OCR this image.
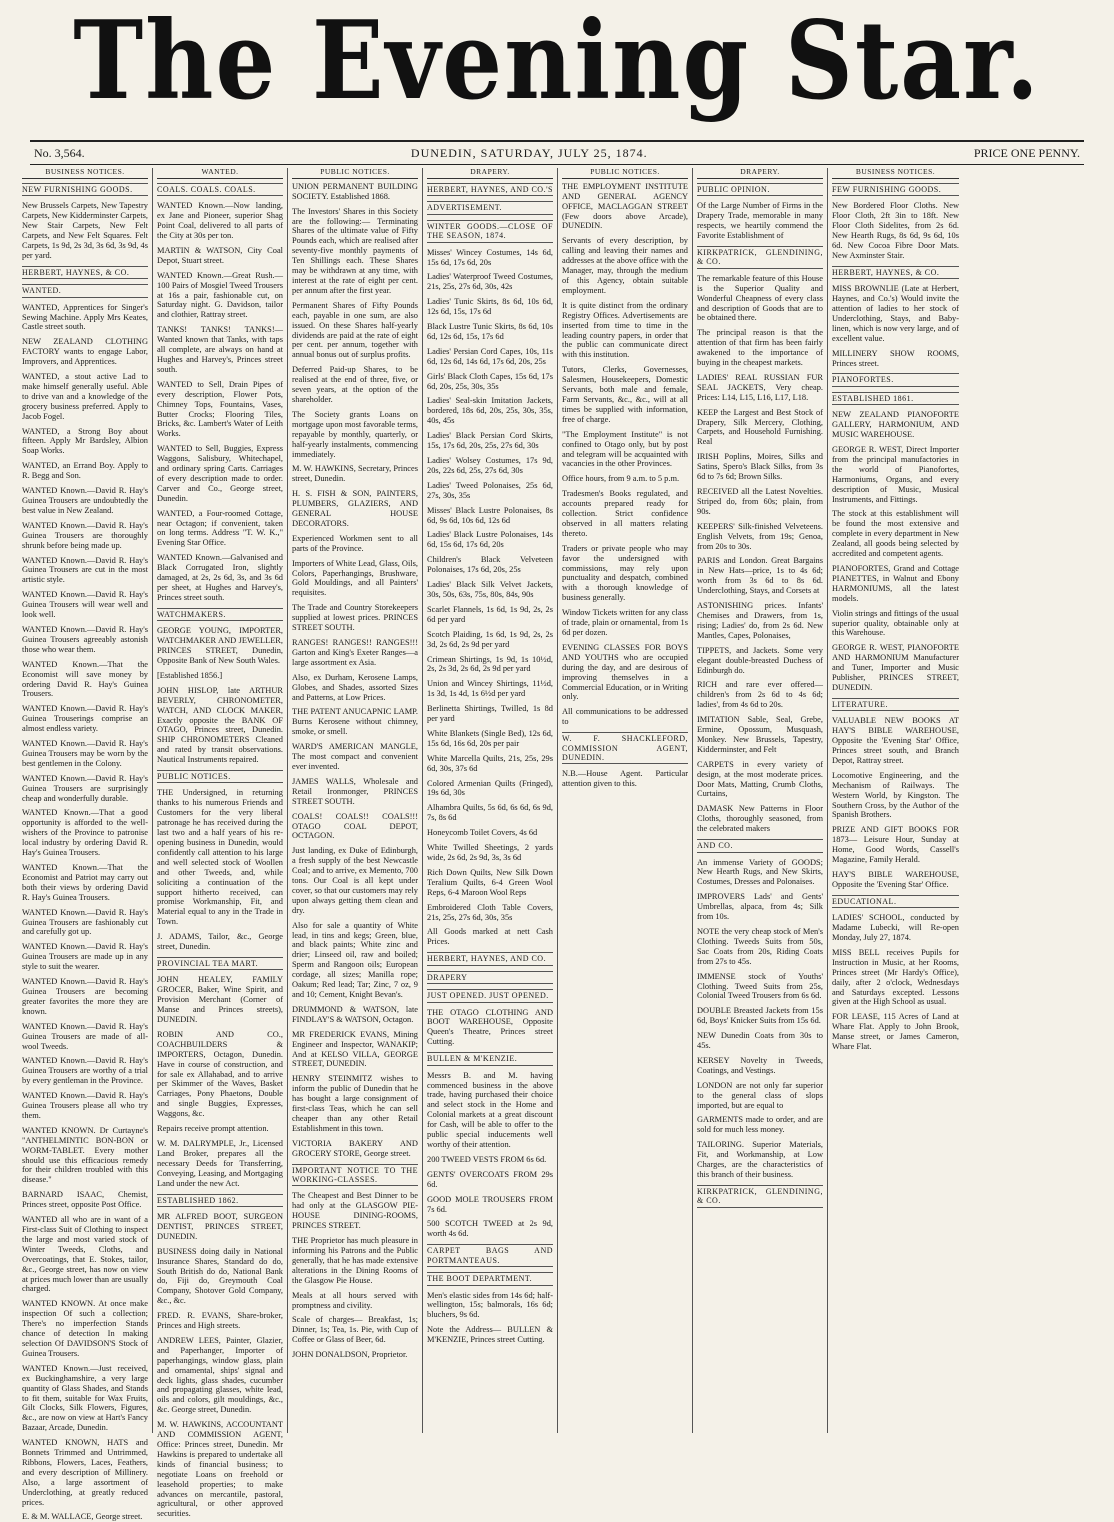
The Evening Star.
No. 3,564.	DUNEDIN, SATURDAY, JULY 25, 1874.	PRICE ONE PENNY.
BUSINESS NOTICES.
NEW FURNISHING GOODS.
New Brussels Carpets, New Tapestry Carpets, New Kidderminster Carpets, New Stair Carpets, New Felt Carpets, and New Felt Squares. Felt Carpets, 1s 9d, 2s 3d, 3s 6d, 3s 9d, 4s per yard.
HERBERT, HAYNES, & CO.
WANTED.
WANTED, Apprentices for Singer's Sewing Machine. Apply Mrs Keates, Castle street south.
NEW ZEALAND CLOTHING FACTORY wants to engage Labor, Improvers, and Apprentices.
WANTED, a stout active Lad to make himself generally useful. Able to drive van and a knowledge of the grocery business preferred. Apply to Jacob Fogel.
WANTED, a Strong Boy about fifteen. Apply Mr Bardsley, Albion Soap Works.
WANTED, an Errand Boy. Apply to R. Begg and Son.
WANTED Known.—David R. Hay's Guinea Trousers are undoubtedly the best value in New Zealand.
WANTED Known.—David R. Hay's Guinea Trousers are thoroughly shrunk before being made up.
WANTED Known.—David R. Hay's Guinea Trousers are cut in the most artistic style.
WANTED Known.—David R. Hay's Guinea Trousers will wear well and look well.
WANTED Known.—David R. Hay's Guinea Trousers agreeably astonish those who wear them.
WANTED Known.—That the Economist will save money by ordering David R. Hay's Guinea Trousers.
WANTED Known.—David R. Hay's Guinea Trouserings comprise an almost endless variety.
WANTED Known.—David R. Hay's Guinea Trousers may be worn by the best gentlemen in the Colony.
WANTED Known.—David R. Hay's Guinea Trousers are surprisingly cheap and wonderfully durable.
WANTED Known.—That a good opportunity is afforded to the well-wishers of the Province to patronise local industry by ordering David R. Hay's Guinea Trousers.
WANTED Known.—That the Economist and Patriot may carry out both their views by ordering David R. Hay's Guinea Trousers.
WANTED Known.—David R. Hay's Guinea Trousers are fashionably cut and carefully got up.
WANTED Known.—David R. Hay's Guinea Trousers are made up in any style to suit the wearer.
WANTED Known.—David R. Hay's Guinea Trousers are becoming greater favorites the more they are known.
WANTED Known.—David R. Hay's Guinea Trousers are made of all-wool Tweeds.
WANTED Known.—David R. Hay's Guinea Trousers are worthy of a trial by every gentleman in the Province.
WANTED Known.—David R. Hay's Guinea Trousers please all who try them.
WANTED KNOWN. Dr Curtayne's "ANTHELMINTIC BON-BON or WORM-TABLET. Every mother should use this efficacious remedy for their children troubled with this disease."
BARNARD ISAAC, Chemist, Princes street, opposite Post Office.
WANTED all who are in want of a First-class Suit of Clothing to inspect the large and most varied stock of Winter Tweeds, Cloths, and Overcoatings, that E. Stokes, tailor, &c., George street, has now on view at prices much lower than are usually charged.
WANTED KNOWN. At once make inspection Of such a collection; There's no imperfection Stands chance of detection In making selection Of DAVIDSON'S Stock of Guinea Trousers.
WANTED Known.—Just received, ex Buckinghamshire, a very large quantity of Glass Shades, and Stands to fit them, suitable for Wax Fruits, Gilt Clocks, Silk Flowers, Figures, &c., are now on view at Hart's Fancy Bazaar, Arcade, Dunedin.
WANTED KNOWN, HATS and Bonnets Trimmed and Untrimmed, Ribbons, Flowers, Laces, Feathers, and every description of Millinery. Also, a large assortment of Underclothing, at greatly reduced prices.
E. & M. WALLACE, George street.
WANTED.
COALS. COALS. COALS.
WANTED Known.—Now landing, ex Jane and Pioneer, superior Shag Point Coal, delivered to all parts of the City at 30s per ton.
MARTIN & WATSON, City Coal Depot, Stuart street.
WANTED Known.—Great Rush.—100 Pairs of Mosgiel Tweed Trousers at 16s a pair, fashionable cut, on Saturday night. G. Davidson, tailor and clothier, Rattray street.
TANKS! TANKS! TANKS!—Wanted known that Tanks, with taps all complete, are always on hand at Hughes and Harvey's, Princes street south.
WANTED to Sell, Drain Pipes of every description, Flower Pots, Chimney Tops, Fountains, Vases, Butter Crocks; Flooring Tiles, Bricks, &c. Lambert's Water of Leith Works.
WANTED to Sell, Buggies, Express Waggons, Salisbury, Whitechapel, and ordinary spring Carts. Carriages of every description made to order. Carver and Co., George street, Dunedin.
WANTED, a Four-roomed Cottage, near Octagon; if convenient, taken on long terms. Address "T. W. K.," Evening Star Office.
WANTED Known.—Galvanised and Black Corrugated Iron, slightly damaged, at 2s, 2s 6d, 3s, and 3s 6d per sheet, at Hughes and Harvey's, Princes street south.
WATCHMAKERS.
GEORGE YOUNG, IMPORTER, WATCHMAKER AND JEWELLER, PRINCES STREET, Dunedin, Opposite Bank of New South Wales.
[Established 1856.]
JOHN HISLOP, late ARTHUR BEVERLY, CHRONOMETER, WATCH, AND CLOCK MAKER, Exactly opposite the BANK OF OTAGO, Princes street, Dunedin. SHIP CHRONOMETERS Cleaned and rated by transit observations. Nautical Instruments repaired.
PUBLIC NOTICES.
THE Undersigned, in returning thanks to his numerous Friends and Customers for the very liberal patronage he has received during the last two and a half years of his re-opening business in Dunedin, would confidently call attention to his large and well selected stock of Woollen and other Tweeds, and, while soliciting a continuation of the support hitherto received, can promise Workmanship, Fit, and Material equal to any in the Trade in Town.
J. ADAMS, Tailor, &c., George street, Dunedin.
PROVINCIAL TEA MART.
JOHN HEALEY, FAMILY GROCER, Baker, Wine Spirit, and Provision Merchant (Corner of Manse and Princes streets), DUNEDIN.
ROBIN AND CO., COACHBUILDERS & IMPORTERS, Octagon, Dunedin. Have in course of construction, and for sale ex Allahabad, and to arrive per Skimmer of the Waves, Basket Carriages, Pony Phaetons, Double and single Buggies, Expresses, Waggons, &c.
Repairs receive prompt attention.
W. M. DALRYMPLE, Jr., Licensed Land Broker, prepares all the necessary Deeds for Transferring, Conveying, Leasing, and Mortgaging Land under the new Act.
ESTABLISHED 1862.
MR ALFRED BOOT, SURGEON DENTIST, PRINCES STREET, DUNEDIN.
BUSINESS doing daily in National Insurance Shares, Standard do do, South British do do, National Bank do, Fiji do, Greymouth Coal Company, Shotover Gold Company, &c., &c.
FRED. R. EVANS, Share-broker, Princes and High streets.
ANDREW LEES, Painter, Glazier, and Paperhanger, Importer of paperhangings, window glass, plain and ornamental, ships' signal and deck lights, glass shades, cucumber and propagating glasses, white lead, oils and colors, gilt mouldings, &c., &c. George street, Dunedin.
M. W. HAWKINS, ACCOUNTANT AND COMMISSION AGENT, Office: Princes street, Dunedin. Mr Hawkins is prepared to undertake all kinds of financial business; to negotiate Loans on freehold or leasehold properties; to make advances on mercantile, pastoral, agricultural, or other approved securities.
PUBLIC NOTICES.
UNION PERMANENT BUILDING SOCIETY. Established 1868.
The Investors' Shares in this Society are the following:— Terminating Shares of the ultimate value of Fifty Pounds each, which are realised after seventy-five monthly payments of Ten Shillings each. These Shares may be withdrawn at any time, with interest at the rate of eight per cent. per annum after the first year.
Permanent Shares of Fifty Pounds each, payable in one sum, are also issued. On these Shares half-yearly dividends are paid at the rate of eight per cent. per annum, together with annual bonus out of surplus profits.
Deferred Paid-up Shares, to be realised at the end of three, five, or seven years, at the option of the shareholder.
The Society grants Loans on mortgage upon most favorable terms, repayable by monthly, quarterly, or half-yearly instalments, commencing immediately.
M. W. HAWKINS, Secretary, Princes street, Dunedin.
H. S. FISH & SON, PAINTERS, PLUMBERS, GLAZIERS, AND GENERAL HOUSE DECORATORS.
Experienced Workmen sent to all parts of the Province.
Importers of White Lead, Glass, Oils, Colors, Paperhangings, Brushware, Gold Mouldings, and all Painters' requisites.
The Trade and Country Storekeepers supplied at lowest prices. PRINCES STREET SOUTH.
RANGES! RANGES!! RANGES!!! Garton and King's Exeter Ranges—a large assortment ex Asia.
Also, ex Durham, Kerosene Lamps, Globes, and Shades, assorted Sizes and Patterns, at Low Prices.
THE PATENT ANUCAPNIC LAMP. Burns Kerosene without chimney, smoke, or smell.
WARD'S AMERICAN MANGLE, The most compact and convenient ever invented.
JAMES WALLS, Wholesale and Retail Ironmonger, PRINCES STREET SOUTH.
COALS! COALS!! COALS!!! OTAGO COAL DEPOT, OCTAGON.
Just landing, ex Duke of Edinburgh, a fresh supply of the best Newcastle Coal; and to arrive, ex Memento, 700 tons. Our Coal is all kept under cover, so that our customers may rely upon always getting them clean and dry.
Also for sale a quantity of White lead, in tins and kegs; Green, blue, and black paints; White zinc and drier; Linseed oil, raw and boiled; Sperm and Rangoon oils; European cordage, all sizes; Manilla rope; Oakum; Red lead; Tar; Zinc, 7 oz, 9 and 10; Cement, Knight Bevan's.
DRUMMOND & WATSON, late FINDLAY'S & WATSON, Octagon.
MR FREDERICK EVANS, Mining Engineer and Inspector, WANAKIP; And at KELSO VILLA, GEORGE STREET, DUNEDIN.
HENRY STEINMITZ wishes to inform the public of Dunedin that he has bought a large consignment of first-class Teas, which he can sell cheaper than any other Retail Establishment in this town.
VICTORIA BAKERY AND GROCERY STORE, George street.
IMPORTANT NOTICE TO THE WORKING-CLASSES.
The Cheapest and Best Dinner to be had only at the GLASGOW PIE-HOUSE DINING-ROOMS, PRINCES STREET.
THE Proprietor has much pleasure in informing his Patrons and the Public generally, that he has made extensive alterations in the Dining Rooms of the Glasgow Pie House.
Meals at all hours served with promptness and civility.
Scale of charges— Breakfast, 1s; Dinner, 1s; Tea, 1s. Pie, with Cup of Coffee or Glass of Beer, 6d.
JOHN DONALDSON, Proprietor.
DRAPERY.
HERBERT, HAYNES, AND CO.'S
ADVERTISEMENT.
WINTER GOODS.—CLOSE OF THE SEASON, 1874.
Misses' Wincey Costumes, 14s 6d, 15s 6d, 17s 6d, 20s
Ladies' Waterproof Tweed Costumes, 21s, 25s, 27s 6d, 30s, 42s
Ladies' Tunic Skirts, 8s 6d, 10s 6d, 12s 6d, 15s, 17s 6d
Black Lustre Tunic Skirts, 8s 6d, 10s 6d, 12s 6d, 15s, 17s 6d
Ladies' Persian Cord Capes, 10s, 11s 6d, 12s 6d, 14s 6d, 17s 6d, 20s, 25s
Girls' Black Cloth Capes, 15s 6d, 17s 6d, 20s, 25s, 30s, 35s
Ladies' Seal-skin Imitation Jackets, bordered, 18s 6d, 20s, 25s, 30s, 35s, 40s, 45s
Ladies' Black Persian Cord Skirts, 15s, 17s 6d, 20s, 25s, 27s 6d, 30s
Ladies' Wolsey Costumes, 17s 9d, 20s, 22s 6d, 25s, 27s 6d, 30s
Ladies' Tweed Polonaises, 25s 6d, 27s, 30s, 35s
Misses' Black Lustre Polonaises, 8s 6d, 9s 6d, 10s 6d, 12s 6d
Ladies' Black Lustre Polonaises, 14s 6d, 15s 6d, 17s 6d, 20s
Children's Black Velveteen Polonaises, 17s 6d, 20s, 25s
Ladies' Black Silk Velvet Jackets, 30s, 50s, 63s, 75s, 80s, 84s, 90s
Scarlet Flannels, 1s 6d, 1s 9d, 2s, 2s 6d per yard
Scotch Plaiding, 1s 6d, 1s 9d, 2s, 2s 3d, 2s 6d, 2s 9d per yard
Crimean Shirtings, 1s 9d, 1s 10½d, 2s, 2s 3d, 2s 6d, 2s 9d per yard
Union and Wincey Shirtings, 11½d, 1s 3d, 1s 4d, 1s 6½d per yard
Berlinetta Shirtings, Twilled, 1s 8d per yard
White Blankets (Single Bed), 12s 6d, 15s 6d, 16s 6d, 20s per pair
White Marcella Quilts, 21s, 25s, 29s 6d, 30s, 37s 6d
Colored Armenian Quilts (Fringed), 19s 6d, 30s
Alhambra Quilts, 5s 6d, 6s 6d, 6s 9d, 7s, 8s 6d
Honeycomb Toilet Covers, 4s 6d
White Twilled Sheetings, 2 yards wide, 2s 6d, 2s 9d, 3s, 3s 6d
Rich Down Quilts, New Silk Down Teralium Quilts, 6-4 Green Wool Reps, 6-4 Maroon Wool Reps
Embroidered Cloth Table Covers, 21s, 25s, 27s 6d, 30s, 35s
All Goods marked at nett Cash Prices.
HERBERT, HAYNES, AND CO.
DRAPERY
JUST OPENED. JUST OPENED.
THE OTAGO CLOTHING AND BOOT WAREHOUSE, Opposite Queen's Theatre, Princes street Cutting.
BULLEN & M'KENZIE.
Messrs B. and M. having commenced business in the above trade, having purchased their choice and select stock in the Home and Colonial markets at a great discount for Cash, will be able to offer to the public special inducements well worthy of their attention.
200 TWEED VESTS FROM 6s 6d.
GENTS' OVERCOATS FROM 29s 6d.
GOOD MOLE TROUSERS FROM 7s 6d.
500 SCOTCH TWEED at 2s 9d, worth 4s 6d.
CARPET BAGS AND PORTMANTEAUS.
THE BOOT DEPARTMENT.
Men's elastic sides from 14s 6d; half-wellington, 15s; balmorals, 16s 6d; bluchers, 9s 6d.
Note the Address— BULLEN & M'KENZIE, Princes street Cutting.
PUBLIC NOTICES.
THE EMPLOYMENT INSTITUTE AND GENERAL AGENCY OFFICE, MACLAGGAN STREET (Few doors above Arcade), DUNEDIN.
Servants of every description, by calling and leaving their names and addresses at the above office with the Manager, may, through the medium of this Agency, obtain suitable employment.
It is quite distinct from the ordinary Registry Offices. Advertisements are inserted from time to time in the leading country papers, in order that the public can communicate direct with this institution.
Tutors, Clerks, Governesses, Salesmen, Housekeepers, Domestic Servants, both male and female, Farm Servants, &c., &c., will at all times be supplied with information, free of charge.
"The Employment Institute" is not confined to Otago only, but by post and telegram will be acquainted with vacancies in the other Provinces.
Office hours, from 9 a.m. to 5 p.m.
Tradesmen's Books regulated, and accounts prepared ready for collection. Strict confidence observed in all matters relating thereto.
Traders or private people who may favor the undersigned with commissions, may rely upon punctuality and despatch, combined with a thorough knowledge of business generally.
Window Tickets written for any class of trade, plain or ornamental, from 1s 6d per dozen.
EVENING CLASSES FOR BOYS AND YOUTHS who are occupied during the day, and are desirous of improving themselves in a Commercial Education, or in Writing only.
All communications to be addressed to
W. F. SHACKLEFORD, COMMISSION AGENT, DUNEDIN.
N.B.—House Agent. Particular attention given to this.
DRAPERY.
PUBLIC OPINION.
Of the Large Number of Firms in the Drapery Trade, memorable in many respects, we heartily commend the Favorite Establishment of
KIRKPATRICK, GLENDINING, & CO.
The remarkable feature of this House is the Superior Quality and Wonderful Cheapness of every class and description of Goods that are to be obtained there.
The principal reason is that the attention of that firm has been fairly awakened to the importance of buying in the cheapest markets.
LADIES' REAL RUSSIAN FUR SEAL JACKETS, Very cheap. Prices: L14, L15, L16, L17, L18.
KEEP the Largest and Best Stock of Drapery, Silk Mercery, Clothing, Carpets, and Household Furnishing. Real
IRISH Poplins, Moires, Silks and Satins, Spero's Black Silks, from 3s 6d to 7s 6d; Brown Silks.
RECEIVED all the Latest Novelties. Striped do, from 60s; plain, from 90s.
KEEPERS' Silk-finished Velveteens. English Velvets, from 19s; Genoa, from 20s to 30s.
PARIS and London. Great Bargains in New Hats—price, 1s to 4s 6d; worth from 3s 6d to 8s 6d. Underclothing, Stays, and Corsets at
ASTONISHING prices. Infants' Chemises and Drawers, from 1s, rising; Ladies' do, from 2s 6d. New Mantles, Capes, Polonaises,
TIPPETS, and Jackets. Some very elegant double-breasted Duchess of Edinburgh do.
RICH and rare ever offered—children's from 2s 6d to 4s 6d; ladies', from 4s 6d to 20s.
IMITATION Sable, Seal, Grebe, Ermine, Opossum, Musquash, Monkey. New Brussels, Tapestry, Kidderminster, and Felt
CARPETS in every variety of design, at the most moderate prices. Door Mats, Matting, Crumb Cloths, Curtains,
DAMASK New Patterns in Floor Cloths, thoroughly seasoned, from the celebrated makers
AND CO.
An immense Variety of GOODS; New Hearth Rugs, and New Skirts, Costumes, Dresses and Polonaises.
IMPROVERS Lads' and Gents' Umbrellas, alpaca, from 4s; Silk from 10s.
NOTE the very cheap stock of Men's Clothing. Tweeds Suits from 50s, Sac Coats from 20s, Riding Coats from 27s to 45s.
IMMENSE stock of Youths' Clothing. Tweed Suits from 25s, Colonial Tweed Trousers from 6s 6d.
DOUBLE Breasted Jackets from 15s 6d, Boys' Knicker Suits from 15s 6d.
NEW Dunedin Coats from 30s to 45s.
KERSEY Novelty in Tweeds, Coatings, and Vestings.
LONDON are not only far superior to the general class of slops imported, but are equal to
GARMENTS made to order, and are sold for much less money.
TAILORING. Superior Materials, Fit, and Workmanship, at Low Charges, are the characteristics of this branch of their business.
KIRKPATRICK, GLENDINING, & CO.
BUSINESS NOTICES.
FEW FURNISHING GOODS.
New Bordered Floor Cloths. New Floor Cloth, 2ft 3in to 18ft. New Floor Cloth Sidelites, from 2s 6d. New Hearth Rugs, 8s 6d, 9s 6d, 10s 6d. New Cocoa Fibre Door Mats. New Axminster Stair.
HERBERT, HAYNES, & CO.
MISS BROWNLIE (Late at Herbert, Haynes, and Co.'s) Would invite the attention of ladies to her stock of Underclothing, Stays, and Baby-linen, which is now very large, and of excellent value.
MILLINERY SHOW ROOMS, Princes street.
PIANOFORTES.
ESTABLISHED 1861.
NEW ZEALAND PIANOFORTE GALLERY, HARMONIUM, AND MUSIC WAREHOUSE.
GEORGE R. WEST, Direct Importer from the principal manufactories in the world of Pianofortes, Harmoniums, Organs, and every description of Music, Musical Instruments, and Fittings.
The stock at this establishment will be found the most extensive and complete in every department in New Zealand, all goods being selected by accredited and competent agents.
PIANOFORTES, Grand and Cottage PIANETTES, in Walnut and Ebony HARMONIUMS, all the latest models.
Violin strings and fittings of the usual superior quality, obtainable only at this Warehouse.
GEORGE R. WEST, PIANOFORTE AND HARMONIUM Manufacturer and Tuner, Importer and Music Publisher, PRINCES STREET, DUNEDIN.
LITERATURE.
VALUABLE NEW BOOKS AT HAY'S BIBLE WAREHOUSE, Opposite the 'Evening Star' Office, Princes street south, and Branch Depot, Rattray street.
Locomotive Engineering, and the Mechanism of Railways. The Western World, by Kingston. The Southern Cross, by the Author of the Spanish Brothers.
PRIZE AND GIFT BOOKS FOR 1873— Leisure Hour, Sunday at Home, Good Words, Cassell's Magazine, Family Herald.
HAY'S BIBLE WAREHOUSE, Opposite the 'Evening Star' Office.
EDUCATIONAL.
LADIES' SCHOOL, conducted by Madame Lubecki, will Re-open Monday, July 27, 1874.
MISS BELL receives Pupils for Instruction in Music, at her Rooms, Princes street (Mr Hardy's Office), daily, after 2 o'clock, Wednesdays and Saturdays excepted. Lessons given at the High School as usual.
FOR LEASE, 115 Acres of Land at Whare Flat. Apply to John Brook, Manse street, or James Cameron, Whare Flat.
